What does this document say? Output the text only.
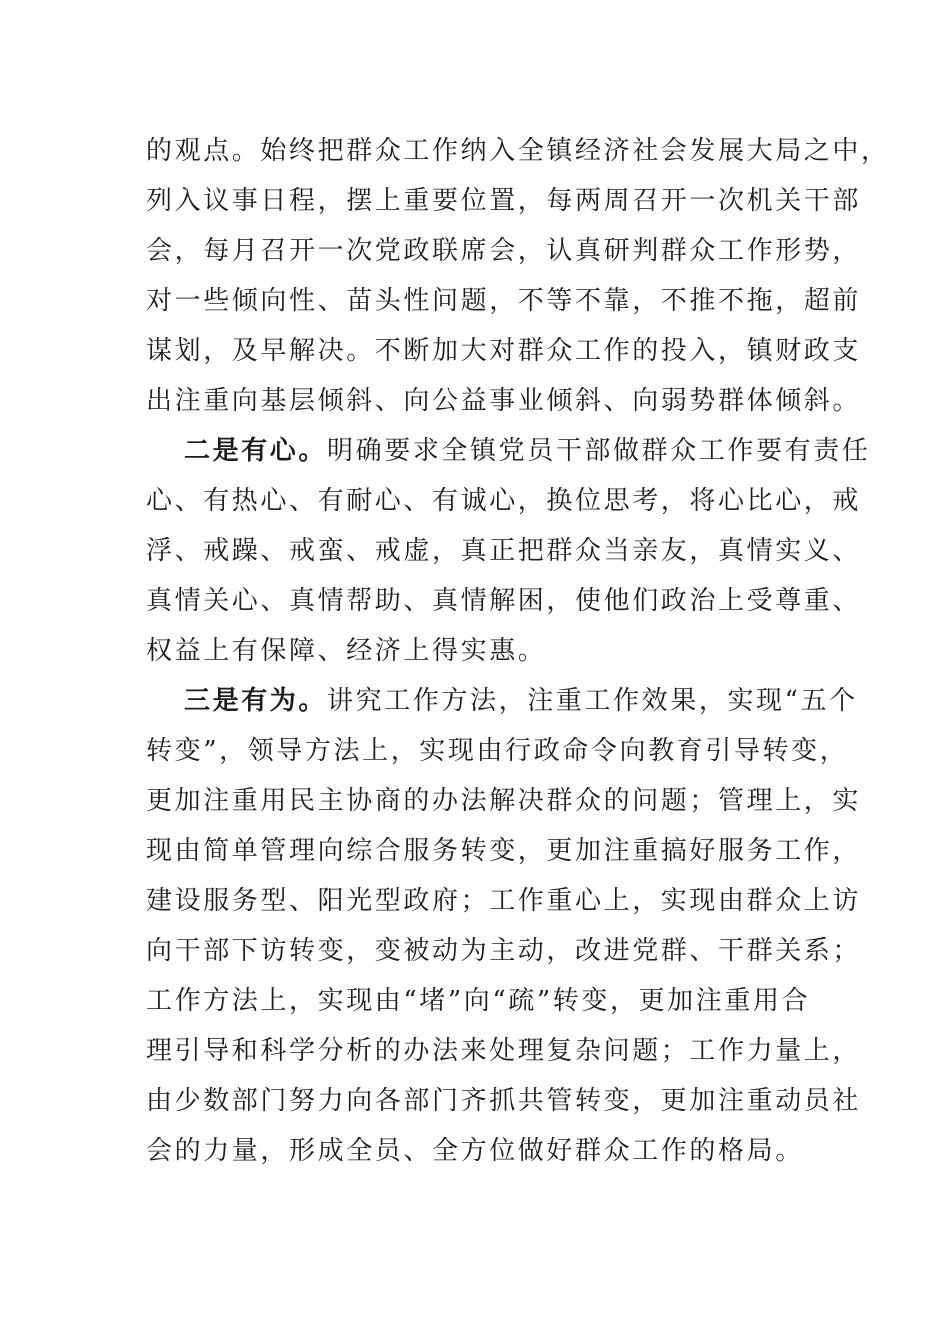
的观点。始终把群众工作纳入全镇经济社会发展大局之中，
列入议事日程，摆上重要位置，每两周召开一次机关干部
会，每月召开一次党政联席会，认真研判群众工作形势，
对一些倾向性、苗头性问题，不等不靠，不推不拖，超前
谋划，及早解决。不断加大对群众工作的投入，镇财政支
出注重向基层倾斜、向公益事业倾斜、向弱势群体倾斜。
二是有心。明确要求全镇党员干部做群众工作要有责任
心、有热心、有耐心、有诚心，换位思考，将心比心，戒
浮、戒躁、戒蛮、戒虚，真正把群众当亲友，真情实义、
真情关心、真情帮助、真情解困，使他们政治上受尊重、
权益上有保障、经济上得实惠。
三是有为。讲究工作方法，注重工作效果，实现“五个
转变”，领导方法上，实现由行政命令向教育引导转变，
更加注重用民主协商的办法解决群众的问题；管理上，实
现由简单管理向综合服务转变，更加注重搞好服务工作，
建设服务型、阳光型政府；工作重心上，实现由群众上访
向干部下访转变，变被动为主动，改进党群、干群关系；
工作方法上，实现由“堵”向“疏”转变，更加注重用合
理引导和科学分析的办法来处理复杂问题；工作力量上，
由少数部门努力向各部门齐抓共管转变，更加注重动员社
会的力量，形成全员、全方位做好群众工作的格局。
